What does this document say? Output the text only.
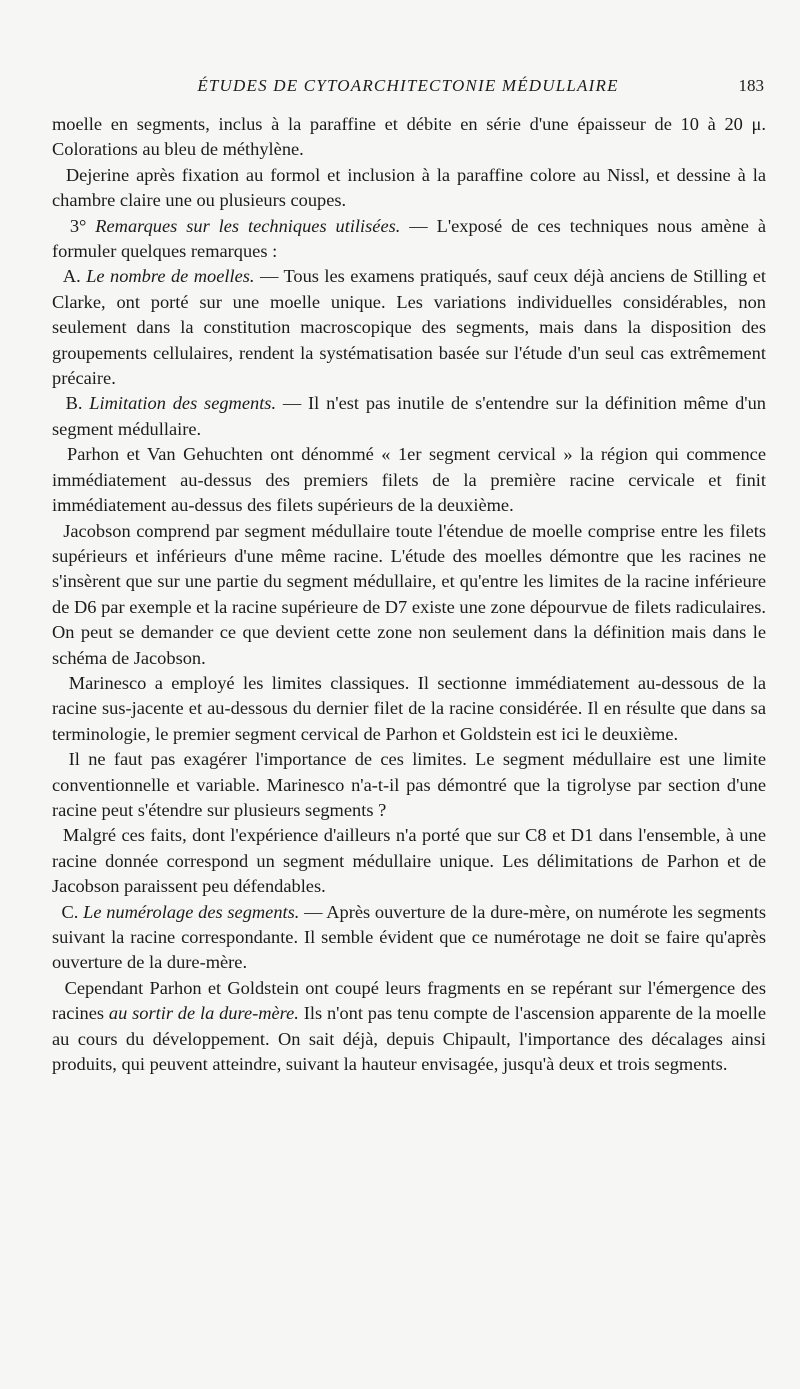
ÉTUDES DE CYTOARCHITECTONIE MÉDULLAIRE	183

moelle en segments, inclus à la paraffine et débite en série d'une épaisseur de 10 à 20 μ. Colorations au bleu de méthylène.

Dejerine après fixation au formol et inclusion à la paraffine colore au Nissl, et dessine à la chambre claire une ou plusieurs coupes.

3° Remarques sur les techniques utilisées. — L'exposé de ces techniques nous amène à formuler quelques remarques :

A. Le nombre de moelles. — Tous les examens pratiqués, sauf ceux déjà anciens de Stilling et Clarke, ont porté sur une moelle unique. Les variations individuelles considérables, non seulement dans la constitution macroscopique des segments, mais dans la disposition des groupements cellulaires, rendent la systématisation basée sur l'étude d'un seul cas extrêmement précaire.

B. Limitation des segments. — Il n'est pas inutile de s'entendre sur la définition même d'un segment médullaire.

Parhon et Van Gehuchten ont dénommé « 1er segment cervical » la région qui commence immédiatement au-dessus des premiers filets de la première racine cervicale et finit immédiatement au-dessus des filets supérieurs de la deuxième.

Jacobson comprend par segment médullaire toute l'étendue de moelle comprise entre les filets supérieurs et inférieurs d'une même racine. L'étude des moelles démontre que les racines ne s'insèrent que sur une partie du segment médullaire, et qu'entre les limites de la racine inférieure de D6 par exemple et la racine supérieure de D7 existe une zone dépourvue de filets radiculaires. On peut se demander ce que devient cette zone non seulement dans la définition mais dans le schéma de Jacobson.

Marinesco a employé les limites classiques. Il sectionne immédiatement au-dessous de la racine sus-jacente et au-dessous du dernier filet de la racine considérée. Il en résulte que dans sa terminologie, le premier segment cervical de Parhon et Goldstein est ici le deuxième.

Il ne faut pas exagérer l'importance de ces limites. Le segment médullaire est une limite conventionnelle et variable. Marinesco n'a-t-il pas démontré que la tigrolyse par section d'une racine peut s'étendre sur plusieurs segments ?

Malgré ces faits, dont l'expérience d'ailleurs n'a porté que sur C8 et D1 dans l'ensemble, à une racine donnée correspond un segment médullaire unique. Les délimitations de Parhon et de Jacobson paraissent peu défendables.

C. Le numérolage des segments. — Après ouverture de la dure-mère, on numérote les segments suivant la racine correspondante. Il semble évident que ce numérotage ne doit se faire qu'après ouverture de la dure-mère.

Cependant Parhon et Goldstein ont coupé leurs fragments en se repérant sur l'émergence des racines au sortir de la dure-mère. Ils n'ont pas tenu compte de l'ascension apparente de la moelle au cours du développement. On sait déjà, depuis Chipault, l'importance des décalages ainsi produits, qui peuvent atteindre, suivant la hauteur envisagée, jusqu'à deux et trois segments.
